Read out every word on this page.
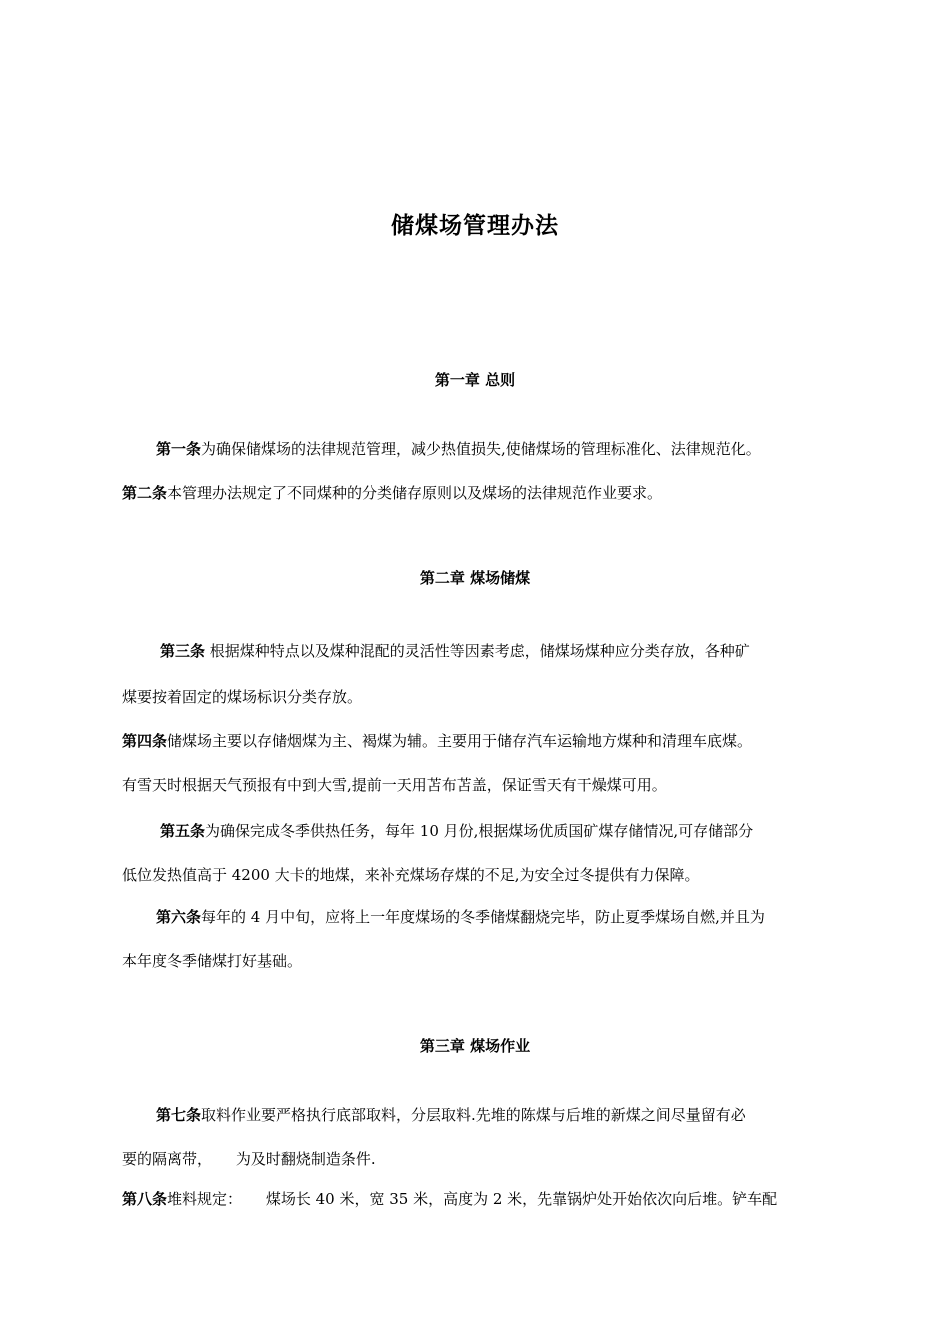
储煤场管理办法
第一章 总则
第一条为确保储煤场的法律规范管理，减少热值损失,使储煤场的管理标准化、法律规范化。
第二条本管理办法规定了不同煤种的分类储存原则以及煤场的法律规范作业要求。
第二章 煤场储煤
第三条 根据煤种特点以及煤种混配的灵活性等因素考虑，储煤场煤种应分类存放，各种矿
煤要按着固定的煤场标识分类存放。
第四条储煤场主要以存储烟煤为主、褐煤为辅。主要用于储存汽车运输地方煤种和清理车底煤。
有雪天时根据天气预报有中到大雪,提前一天用苫布苫盖，保证雪天有干燥煤可用。
第五条为确保完成冬季供热任务，每年 10 月份,根据煤场优质国矿煤存储情况,可存储部分
低位发热值高于 4200 大卡的地煤，来补充煤场存煤的不足,为安全过冬提供有力保障。
第六条每年的 4 月中旬，应将上一年度煤场的冬季储煤翻烧完毕，防止夏季煤场自燃,并且为
本年度冬季储煤打好基础。
第三章 煤场作业
第七条取料作业要严格执行底部取料，分层取料.先堆的陈煤与后堆的新煤之间尽量留有必
要的隔离带，     为及时翻烧制造条件.
第八条堆料规定：     煤场长 40 米，宽 35 米，高度为 2 米，先靠锅炉处开始依次向后堆。铲车配
